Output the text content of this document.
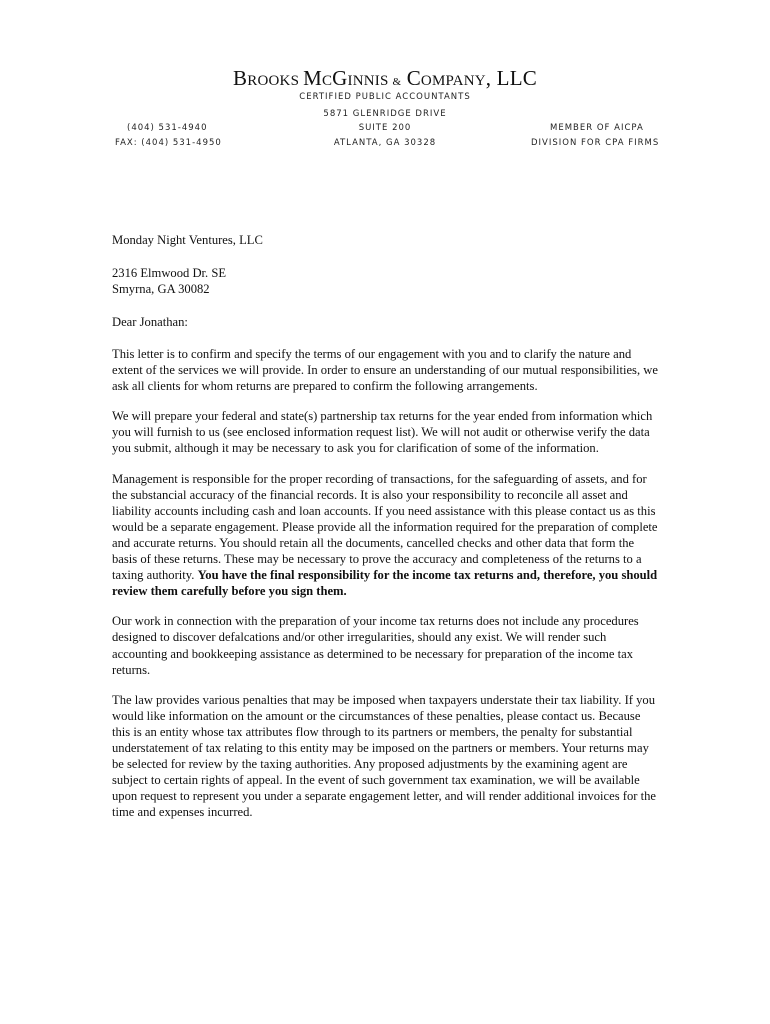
BROOKS MCGINNIS & COMPANY, LLC
CERTIFIED PUBLIC ACCOUNTANTS
5871 GLENRIDGE DRIVE
SUITE 200
ATLANTA, GA 30328
(404) 531-4940
FAX: (404) 531-4950
MEMBER OF AICPA
DIVISION FOR CPA FIRMS
Monday Night Ventures, LLC
2316 Elmwood Dr. SE
Smyrna, GA 30082
Dear Jonathan:

This letter is to confirm and specify the terms of our engagement with you and to clarify the nature and extent of the services we will provide. In order to ensure an understanding of our mutual responsibilities, we ask all clients for whom returns are prepared to confirm the following arrangements.

We will prepare your federal and state(s) partnership tax returns for the year ended from information which you will furnish to us (see enclosed information request list). We will not audit or otherwise verify the data you submit, although it may be necessary to ask you for clarification of some of the information.

Management is responsible for the proper recording of transactions, for the safeguarding of assets, and for the substancial accuracy of the financial records. It is also your responsibility to reconcile all asset and liability accounts including cash and loan accounts. If you need assistance with this please contact us as this would be a separate engagement. Please provide all the information required for the preparation of complete and accurate returns. You should retain all the documents, cancelled checks and other data that form the basis of these returns. These may be necessary to prove the accuracy and completeness of the returns to a taxing authority. You have the final responsibility for the income tax returns and, therefore, you should review them carefully before you sign them.

Our work in connection with the preparation of your income tax returns does not include any procedures designed to discover defalcations and/or other irregularities, should any exist. We will render such accounting and bookkeeping assistance as determined to be necessary for preparation of the income tax returns.

The law provides various penalties that may be imposed when taxpayers understate their tax liability. If you would like information on the amount or the circumstances of these penalties, please contact us. Because this is an entity whose tax attributes flow through to its partners or members, the penalty for substantial understatement of tax relating to this entity may be imposed on the partners or members. Your returns may be selected for review by the taxing authorities. Any proposed adjustments by the examining agent are subject to certain rights of appeal. In the event of such government tax examination, we will be available upon request to represent you under a separate engagement letter, and will render additional invoices for the time and expenses incurred.
